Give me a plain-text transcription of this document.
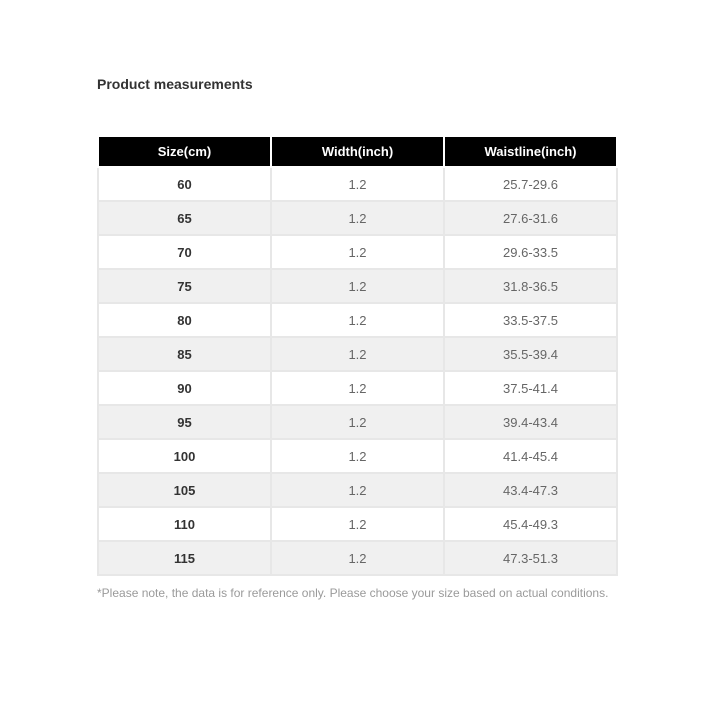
Product measurements
Size(cm)	Width(inch)	Waistline(inch)
60	1.2	25.7-29.6
65	1.2	27.6-31.6
70	1.2	29.6-33.5
75	1.2	31.8-36.5
80	1.2	33.5-37.5
85	1.2	35.5-39.4
90	1.2	37.5-41.4
95	1.2	39.4-43.4
100	1.2	41.4-45.4
105	1.2	43.4-47.3
110	1.2	45.4-49.3
115	1.2	47.3-51.3
*Please note, the data is for reference only. Please choose your size based on actual conditions.
